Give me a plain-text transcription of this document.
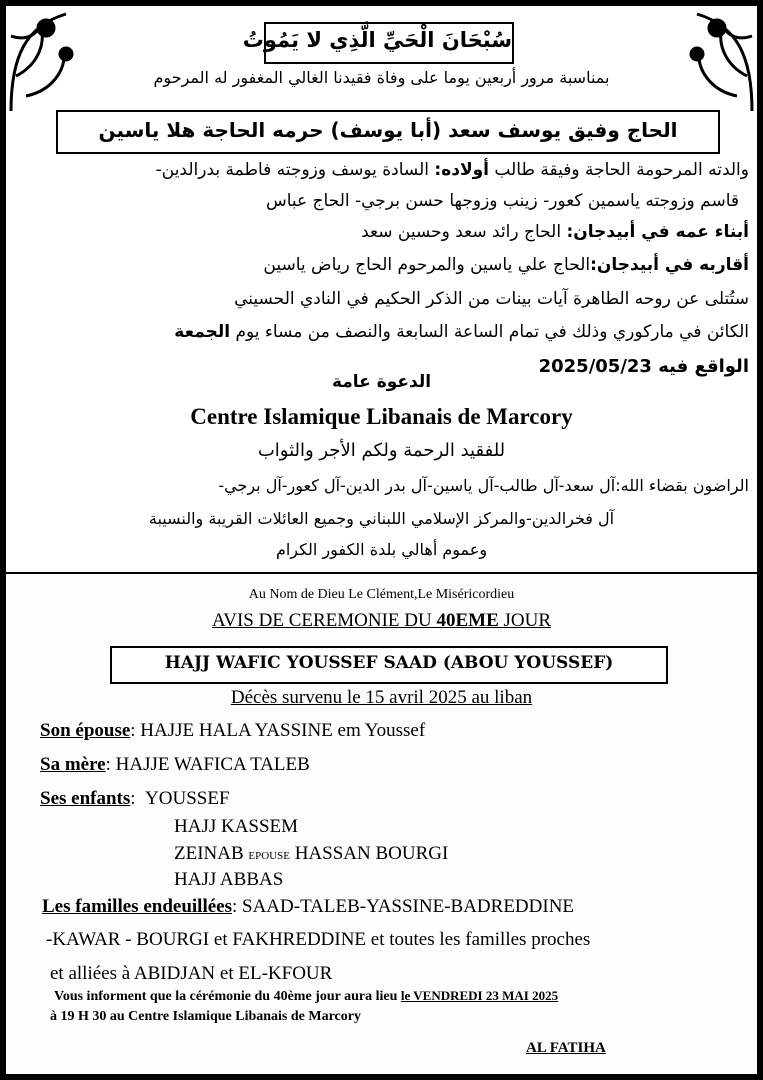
سُبْحَانَ الْحَيِّ الَّذِي لا يَمُوتُ
بمناسبة مرور أربعين يوما على وفاة فقيدنا الغالي المغفور له المرحوم
الحاج وفيق يوسف سعد (أبا يوسف) حرمه الحاجة هلا ياسين
والدته المرحومة الحاجة وفيقة طالب أولاده: السادة يوسف وزوجته فاطمة بدرالدين-
قاسم وزوجته ياسمين كعور- زينب وزوجها حسن برجي- الحاج عباس
أبناء عمه في أبيدجان: الحاج رائد سعد وحسين سعد
أقاربه في أبيدجان:الحاج علي ياسين والمرحوم الحاج رياض ياسين
ستُتلى عن روحه الطاهرة آيات بينات من الذكر الحكيم في النادي الحسيني
الكائن في ماركوري وذلك في تمام الساعة السابعة والنصف من مساء يوم الجمعة
الواقع فيه 2025/05/23
الدعوة عامة
Centre Islamique Libanais de Marcory
للفقيد الرحمة ولكم الأجر والثواب
الراضون بقضاء الله:آل سعد-آل طالب-آل ياسين-آل بدر الدين-آل كعور-آل برجي-
آل فخرالدين-والمركز الإسلامي اللبناني وجميع العائلات القريبة والنسيبة
وعموم أهالي بلدة الكفور الكرام
Au Nom de Dieu Le Clément,Le Miséricordieu
AVIS DE CEREMONIE DU 40EME JOUR
HAJJ WAFIC YOUSSEF SAAD (ABOU YOUSSEF)
Décès survenu le 15 avril 2025 au liban
Son épouse: HAJJE HALA YASSINE em Youssef
Sa mère: HAJJE WAFICA TALEB
Ses enfants:  YOUSSEF
HAJJ KASSEM
ZEINAB EPOUSE HASSAN BOURGI
HAJJ ABBAS
Les familles endeuillées: SAAD-TALEB-YASSINE-BADREDDINE
-KAWAR - BOURGI et FAKHREDDINE et toutes les familles proches
et alliées à ABIDJAN et EL-KFOUR
Vous informent que la cérémonie du 40ème jour aura lieu le VENDREDI 23 MAI 2025
à 19 H 30 au Centre Islamique Libanais de Marcory
AL FATIHA
